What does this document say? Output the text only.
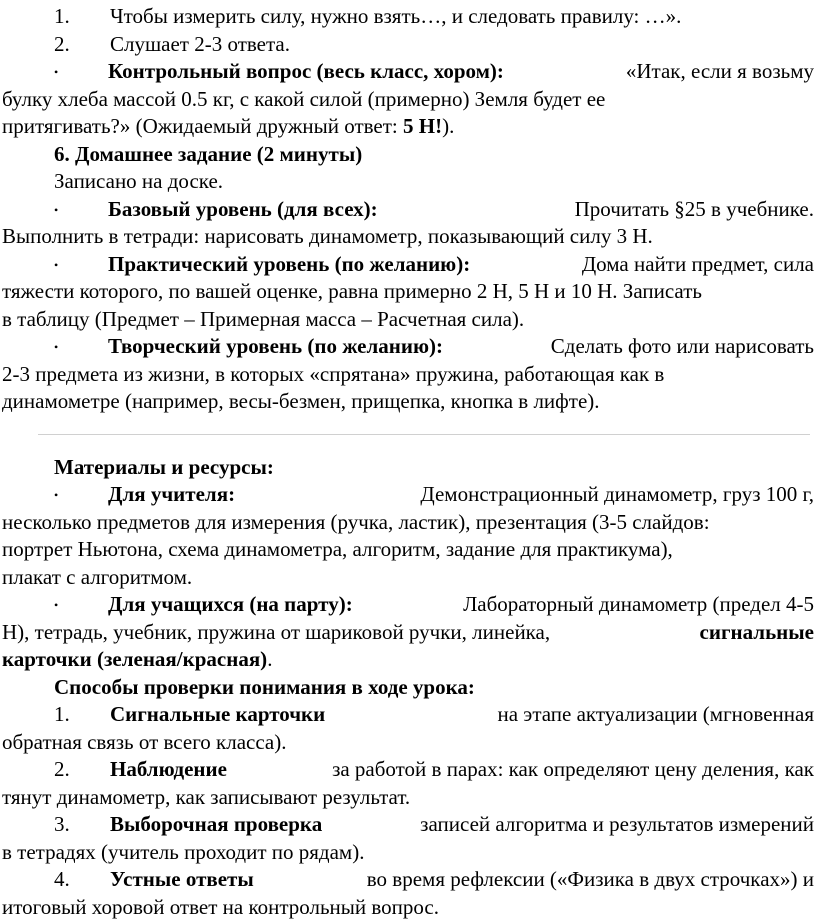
1. Чтобы измерить силу, нужно взять…, и следовать правилу: …».
2. Слушает 2-3 ответа.
• Контрольный вопрос (весь класс, хором):	«Итак, если я возьму
булку хлеба массой 0.5 кг, с какой силой (примерно) Земля будет ее
притягивать?» (Ожидаемый дружный ответ: 5 Н!).
6. Домашнее задание (2 минуты)
Записано на доске.
• Базовый уровень (для всех):	Прочитать §25 в учебнике.
Выполнить в тетради: нарисовать динамометр, показывающий силу 3 Н.
• Практический уровень (по желанию):	Дома найти предмет, сила
тяжести которого, по вашей оценке, равна примерно 2 Н, 5 Н и 10 Н. Записать
в таблицу (Предмет – Примерная масса – Расчетная сила).
• Творческий уровень (по желанию):	Сделать фото или нарисовать
2-3 предмета из жизни, в которых «спрятана» пружина, работающая как в
динамометре (например, весы-безмен, прищепка, кнопка в лифте).
Материалы и ресурсы:
• Для учителя:	Демонстрационный динамометр, груз 100 г,
несколько предметов для измерения (ручка, ластик), презентация (3-5 слайдов:
портрет Ньютона, схема динамометра, алгоритм, задание для практикума),
плакат с алгоритмом.
• Для учащихся (на парту):	Лабораторный динамометр (предел 4-5
Н), тетрадь, учебник, пружина от шариковой ручки, линейка,	сигнальные
карточки (зеленая/красная).
Способы проверки понимания в ходе урока:
1. Сигнальные карточки	на этапе актуализации (мгновенная
обратная связь от всего класса).
2. Наблюдение	за работой в парах: как определяют цену деления, как
тянут динамометр, как записывают результат.
3. Выборочная проверка	записей алгоритма и результатов измерений
в тетрадях (учитель проходит по рядам).
4. Устные ответы	во время рефлексии («Физика в двух строчках») и
итоговый хоровой ответ на контрольный вопрос.
